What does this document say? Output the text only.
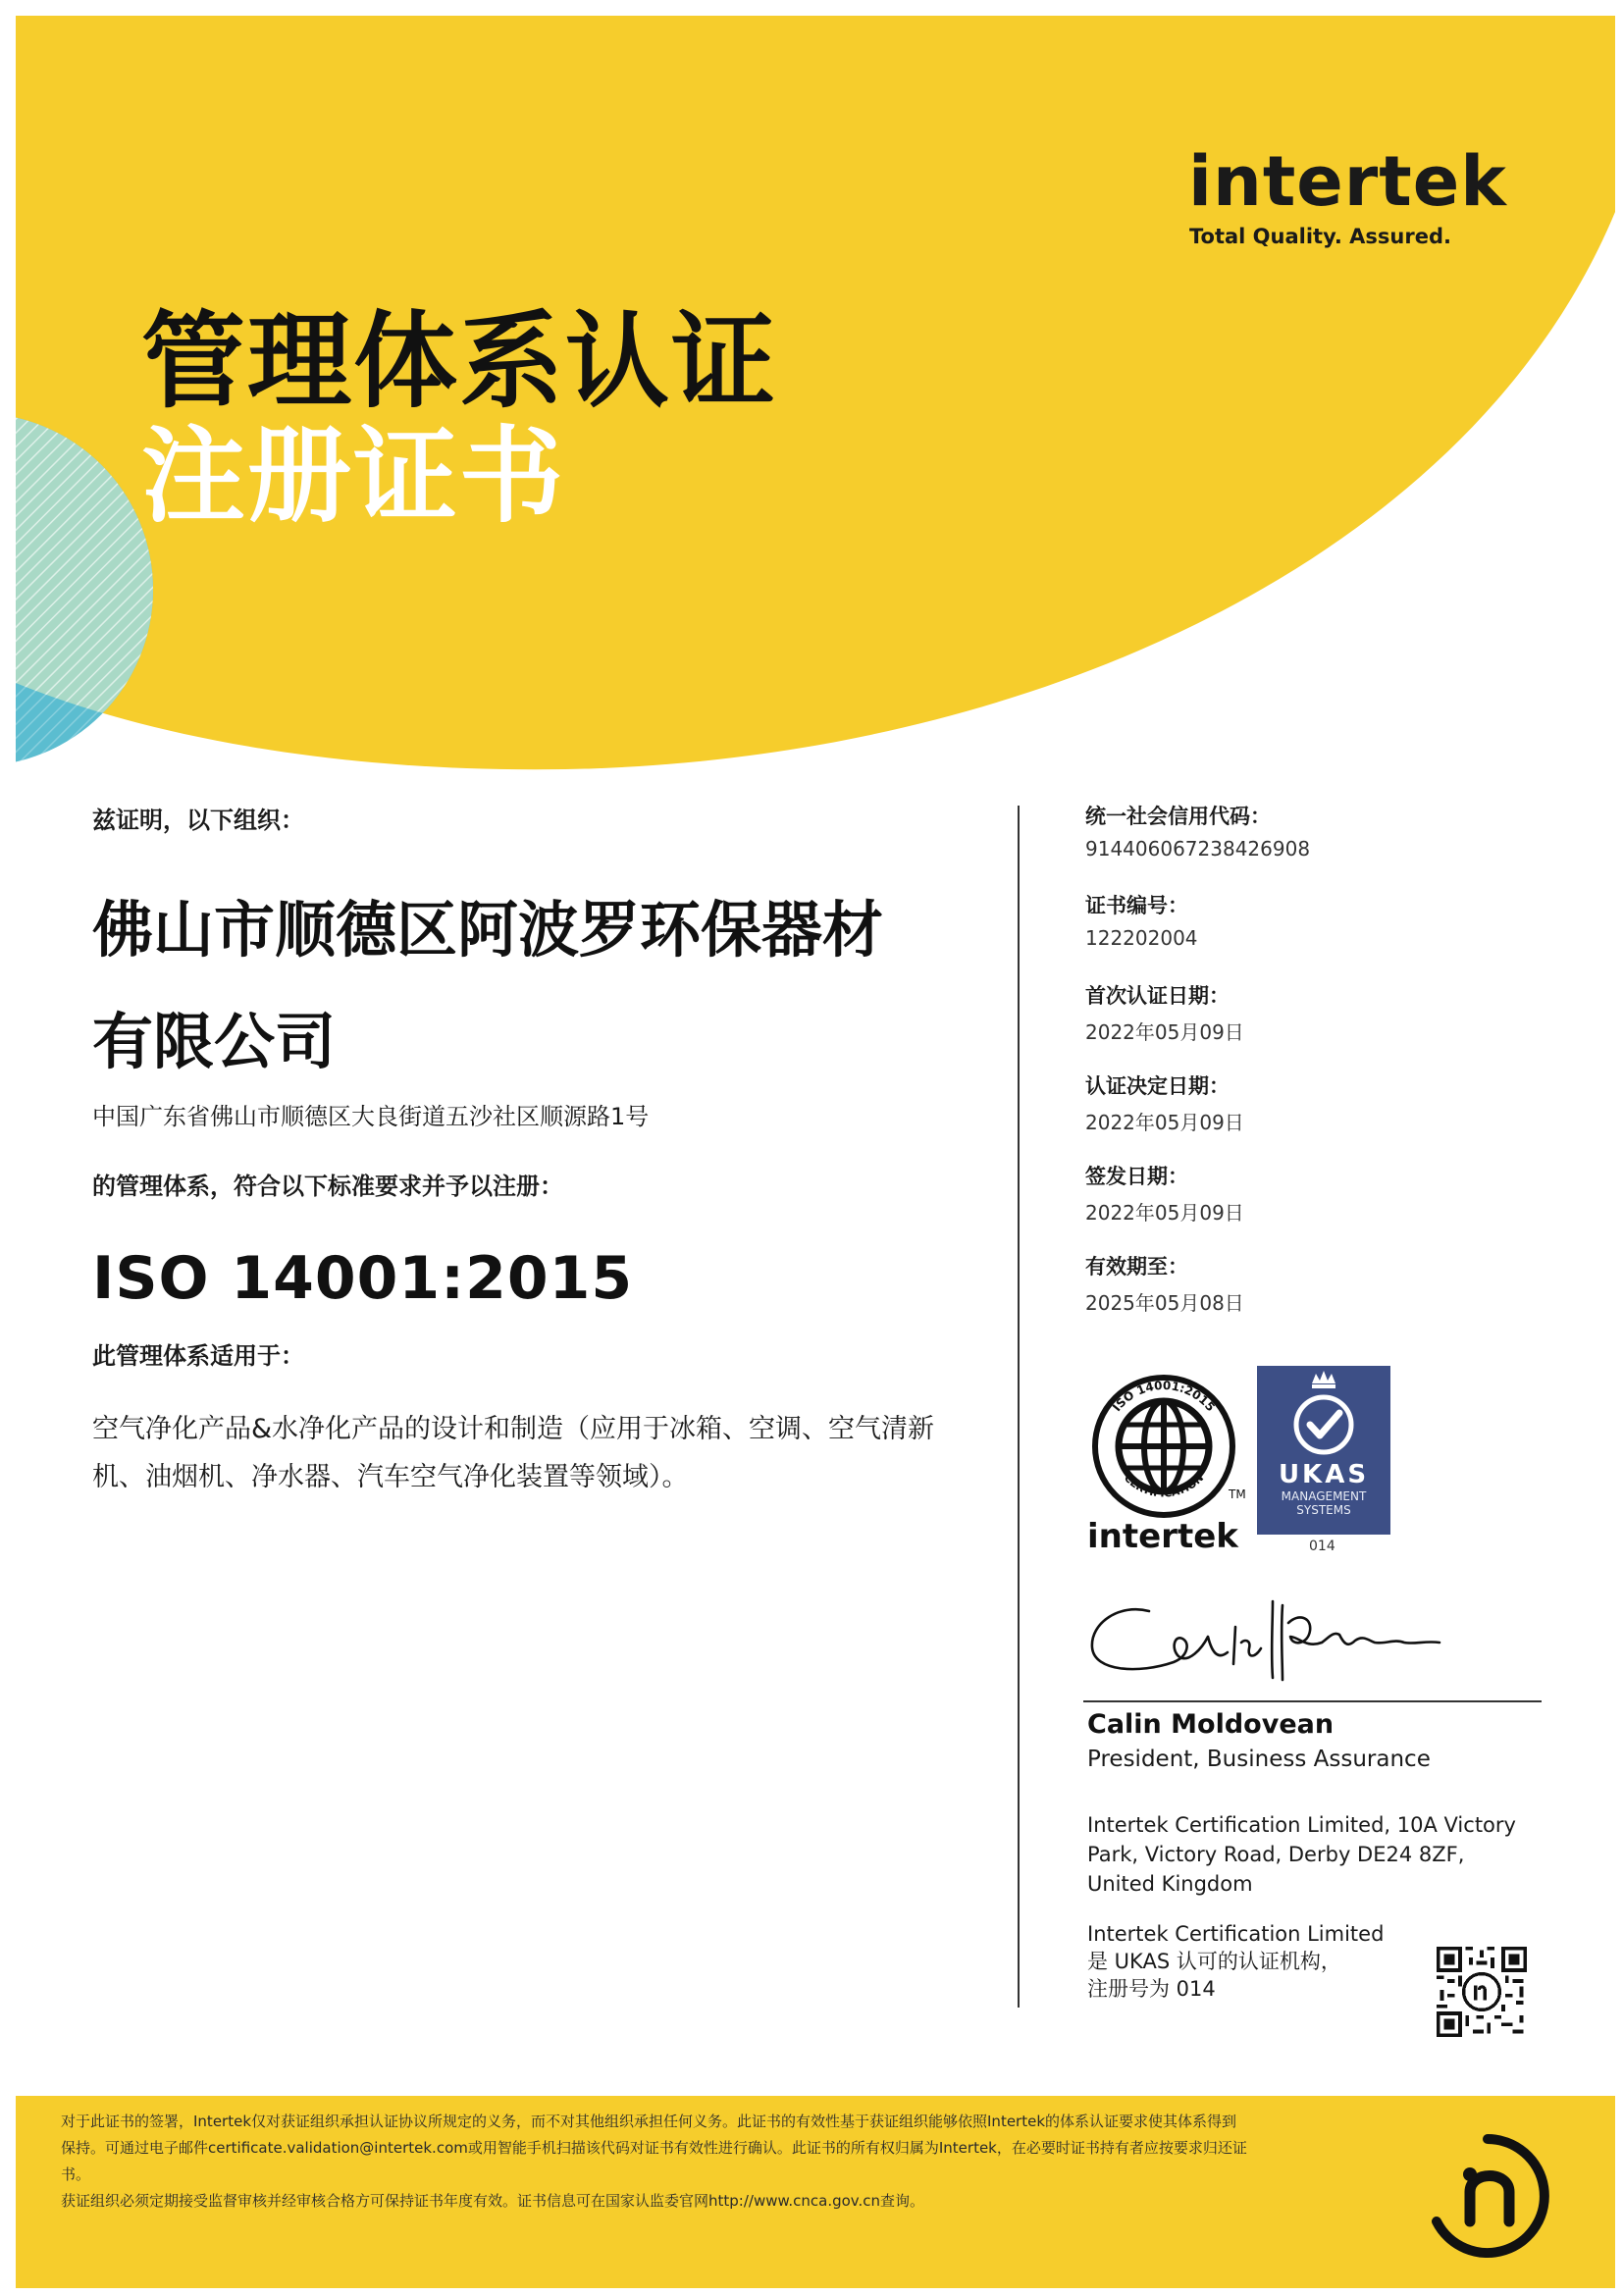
intertek
Total Quality. Assured.
管理体系认证
注册证书
兹证明，以下组织：
佛山市顺德区阿波罗环保器材
有限公司
中国广东省佛山市顺德区大良街道五沙社区顺源路1号
的管理体系，符合以下标准要求并予以注册：
ISO 14001:2015
此管理体系适用于：
空气净化产品&水净化产品的设计和制造（应用于冰箱、空调、空气清新
机、油烟机、净水器、汽车空气净化装置等领域）。
统一社会信用代码：
914406067238426908
证书编号：
122202004
首次认证日期：
2022年05月09日
认证决定日期：
2022年05月09日
签发日期：
2022年05月09日
有效期至：
2025年05月08日
ISO 14001:2015
CERTIFICATION
TM
intertek
UKAS
MANAGEMENT
SYSTEMS
014
Calin Moldovean
President, Business Assurance
Intertek Certification Limited, 10A Victory Park, Victory Road, Derby DE24 8ZF, United Kingdom
Intertek Certification Limited
是 UKAS 认可的认证机构，
注册号为 014
对于此证书的签署，Intertek仅对获证组织承担认证协议所规定的义务，而不对其他组织承担任何义务。此证书的有效性基于获证组织能够依照Intertek的体系认证要求使其体系得到
保持。可通过电子邮件certificate.validation@intertek.com或用智能手机扫描该代码对证书有效性进行确认。此证书的所有权归属为Intertek，在必要时证书持有者应按要求归还证
书。
获证组织必须定期接受监督审核并经审核合格方可保持证书年度有效。证书信息可在国家认监委官网http://www.cnca.gov.cn查询。
